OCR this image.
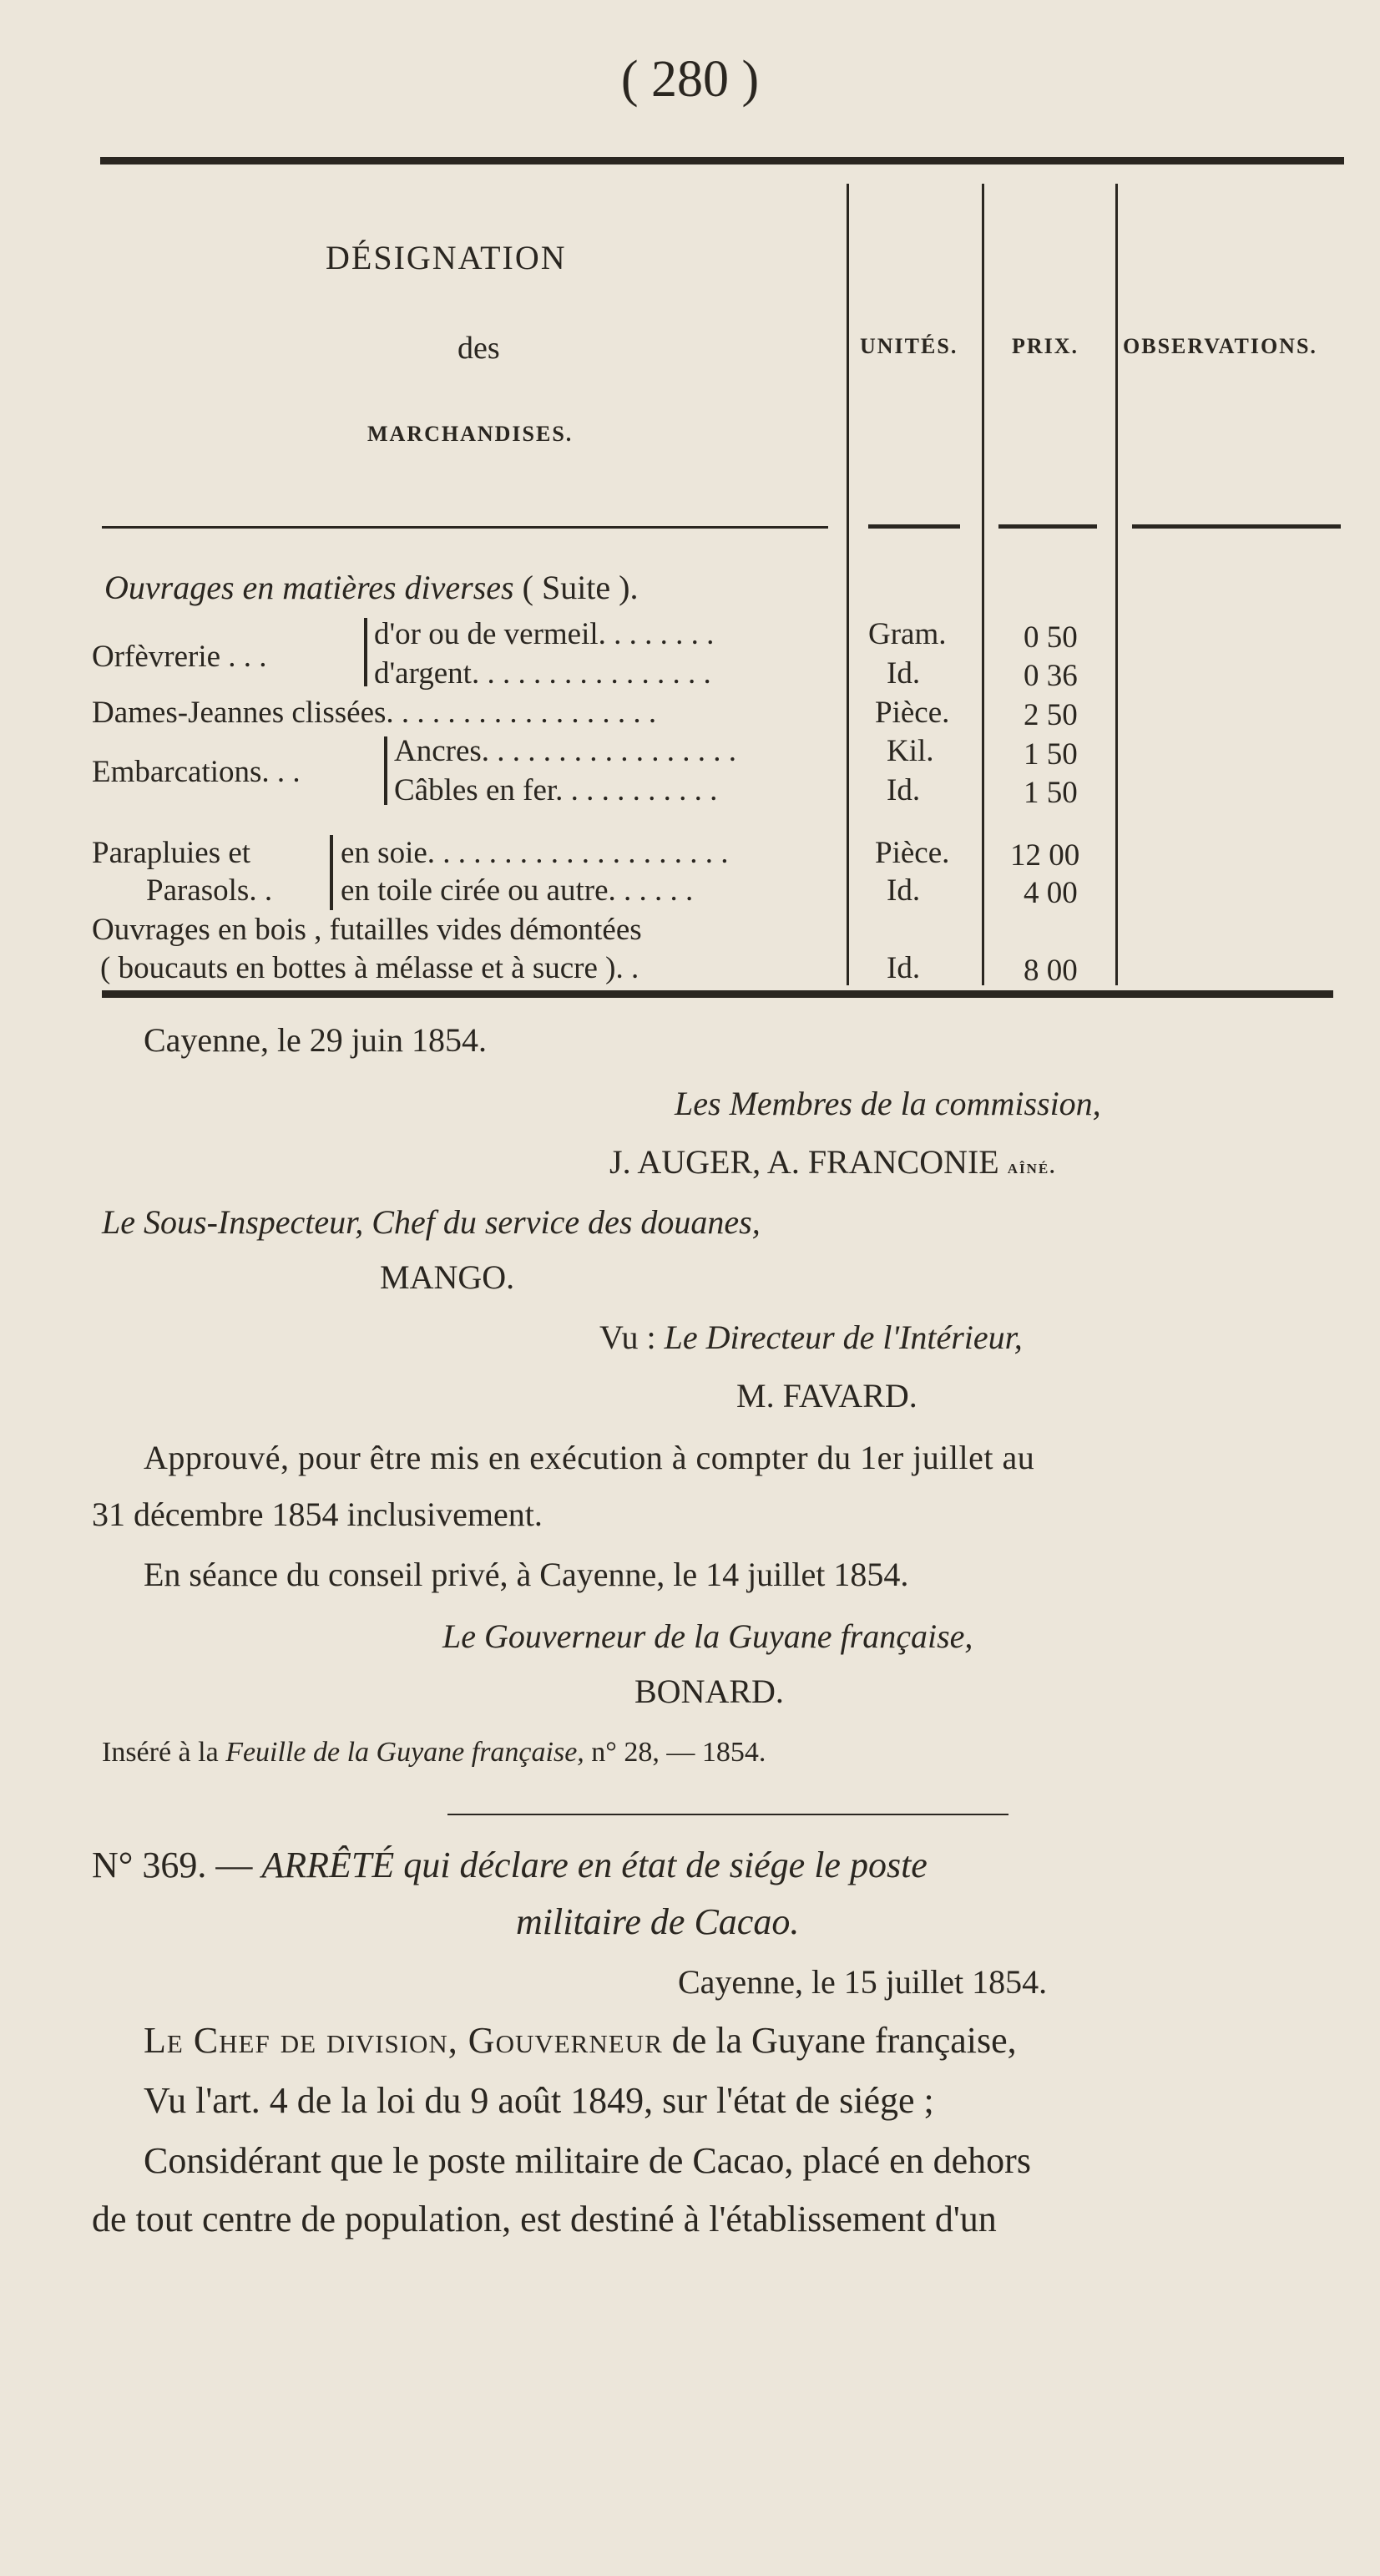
( 280 )
DÉSIGNATION
des
MARCHANDISES.
UNITÉS. PRIX. OBSERVATIONS.
Ouvrages en matières diverses ( Suite ).
Orfèvrerie . . .
d'or ou de vermeil. . . . . . . .	Gram.	0 50
d'argent. . . . . . . . . . . . . . . .	Id.	0 36
Dames-Jeannes clissées. . . . . . . . . . . . . . . . . .	Pièce. 2 50
Embarcations. . .
Ancres. . . . . . . . . . . . . . . . .	Kil.	1 50
Câbles en fer. . . . . . . . . . .	Id.	1 50
Parapluies et	en soie. . . . . . . . . . . . . . . . . . . .	Pièce. 12 00
Parasols. . en toile cirée ou autre. . . . . .	Id.	4 00
Ouvrages en bois , futailles vides démontées
( boucauts en bottes à mélasse et à sucre ). .	Id.	8 00
Cayenne, le 29 juin 1854.
Les Membres de la commission,
J. AUGER, A. FRANCONIE aîné.
Le Sous-Inspecteur, Chef du service des douanes,
MANGO.
Vu : Le Directeur de l'Intérieur,
M. FAVARD.
Approuvé, pour être mis en exécution à compter du 1er juillet au
31 décembre 1854 inclusivement.
En séance du conseil privé, à Cayenne, le 14 juillet 1854.
Le Gouverneur de la Guyane française,
BONARD.
Inséré à la Feuille de la Guyane française, n° 28, — 1854.
N° 369. — ARRÊTÉ qui déclare en état de siége le poste
militaire de Cacao.
Cayenne, le 15 juillet 1854.
Le Chef de division, Gouverneur de la Guyane française,
Vu l'art. 4 de la loi du 9 août 1849, sur l'état de siége ;
Considérant que le poste militaire de Cacao, placé en dehors
de tout centre de population, est destiné à l'établissement d'un
